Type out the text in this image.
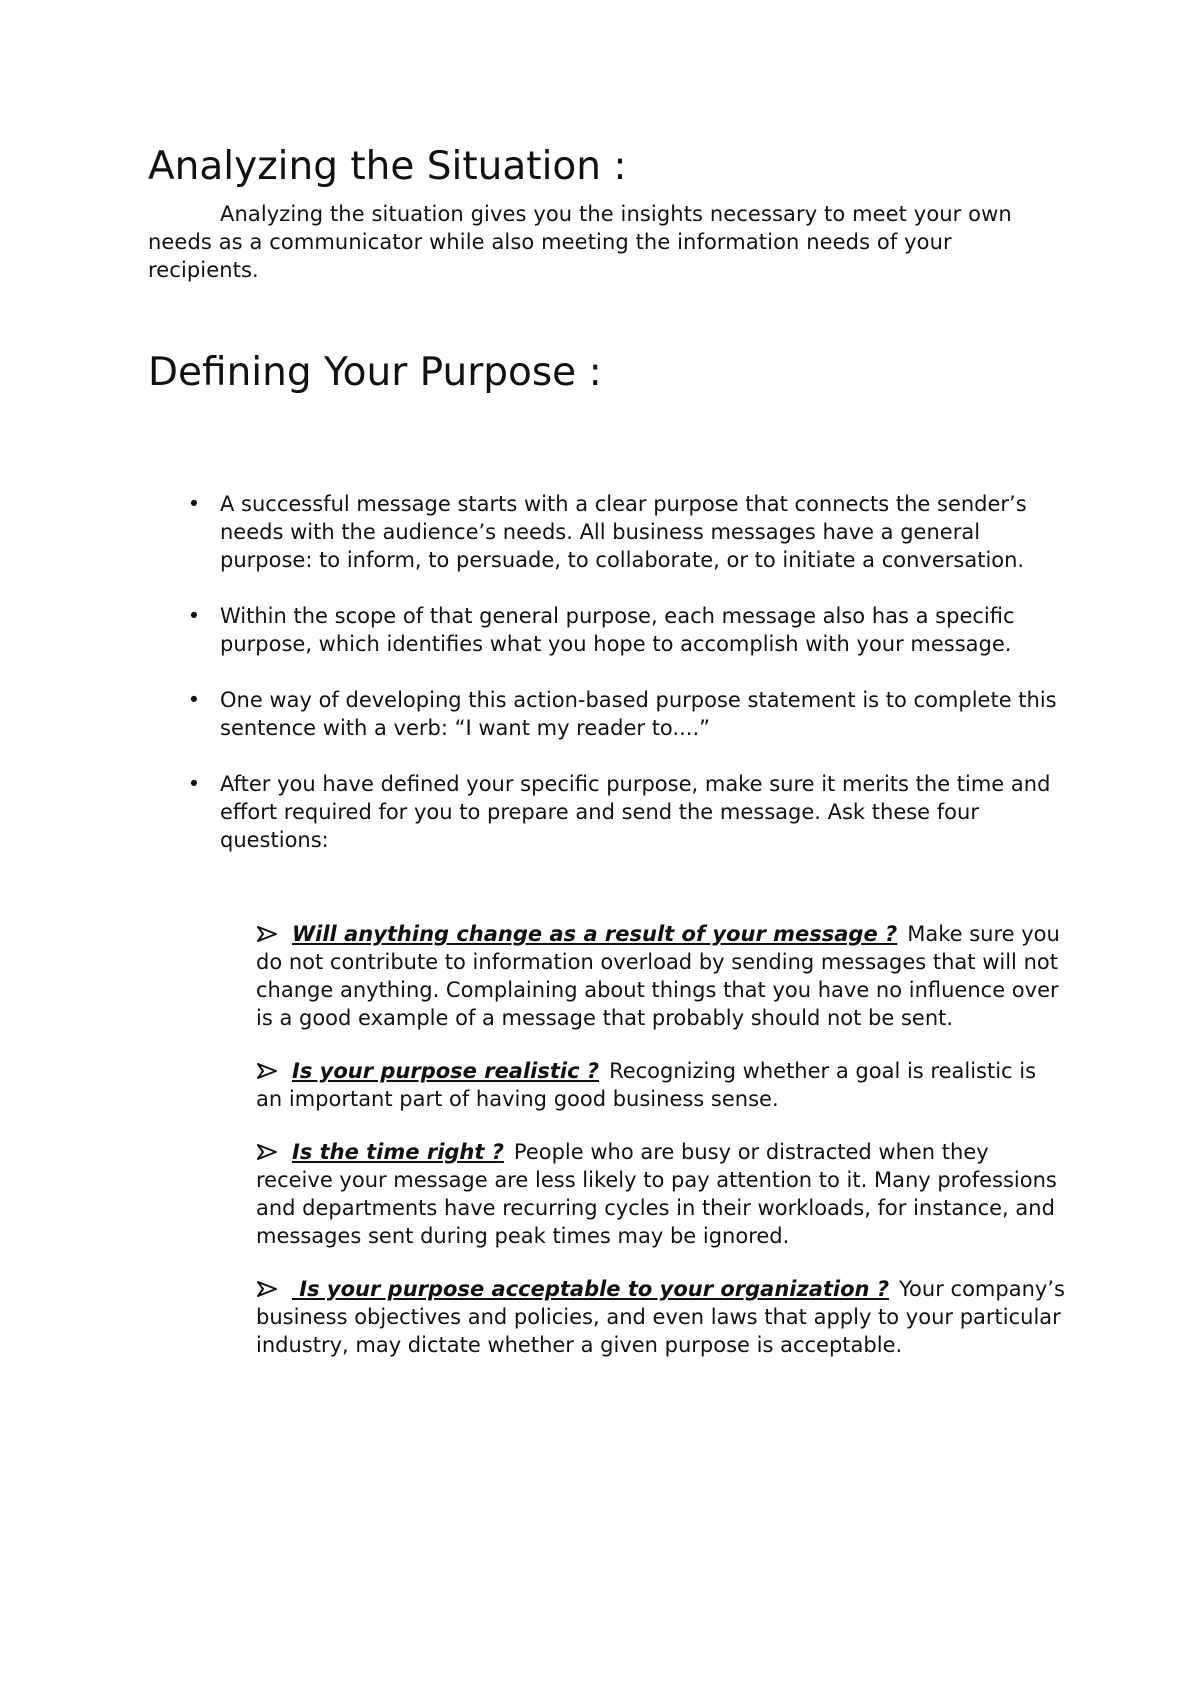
Analyzing the Situation :

Analyzing the situation gives you the insights necessary to meet your own needs as a communicator while also meeting the information needs of your recipients.

Defining Your Purpose :
• A successful message starts with a clear purpose that connects the sender’s needs with the audience’s needs. All business messages have a general purpose: to inform, to persuade, to collaborate, or to initiate a conversation.
• Within the scope of that general purpose, each message also has a specific purpose, which identifies what you hope to accomplish with your message.
• One way of developing this action-based purpose statement is to complete this sentence with a verb: “I want my reader to....”
• After you have defined your specific purpose, make sure it merits the time and effort required for you to prepare and send the message. Ask these four questions:
Will anything change as a result of your message ? Make sure you do not contribute to information overload by sending messages that will not change anything. Complaining about things that you have no influence over is a good example of a message that probably should not be sent.
Is your purpose realistic ? Recognizing whether a goal is realistic is an important part of having good business sense.
Is the time right ? People who are busy or distracted when they receive your message are less likely to pay attention to it. Many professions and departments have recurring cycles in their workloads, for instance, and messages sent during peak times may be ignored.
Is your purpose acceptable to your organization ? Your company’s business objectives and policies, and even laws that apply to your particular industry, may dictate whether a given purpose is acceptable.
